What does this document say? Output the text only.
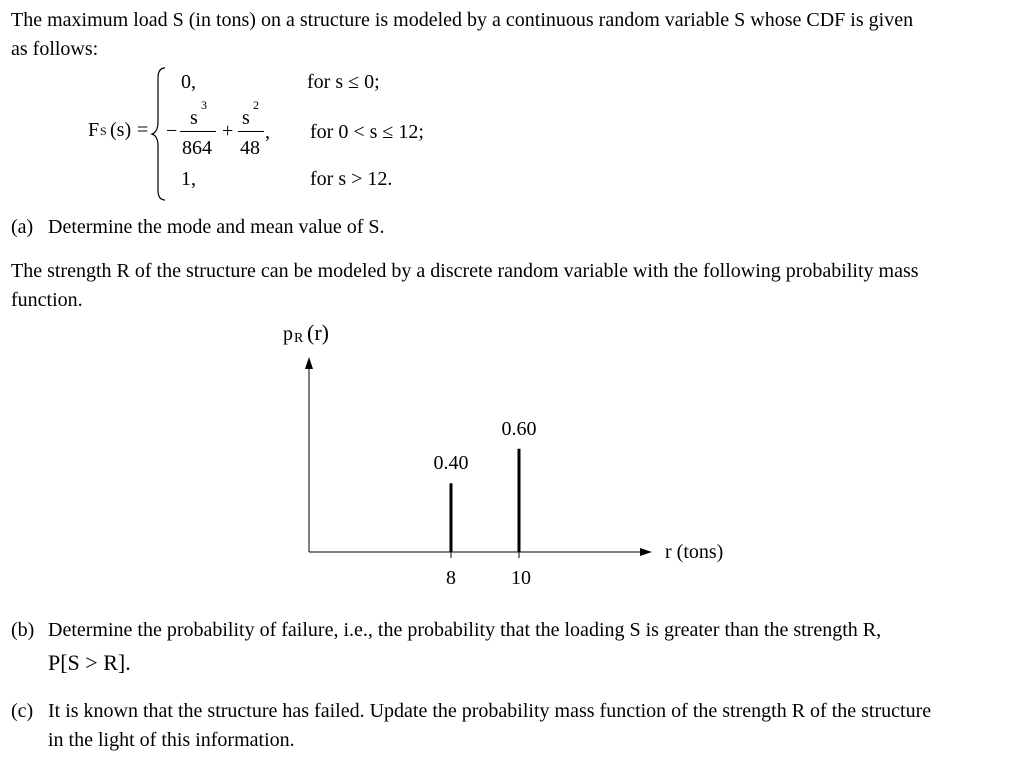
The maximum load S (in tons) on a structure is modeled by a continuous random variable S whose CDF is given
as follows:
F S (s) =
0,	for s ≤ 0;
−
s
3
864
+
s
2
48
, for 0 < s ≤ 12;
1,	for s > 12.
(a) Determine the mode and mean value of S.
The strength R of the structure can be modeled by a discrete random variable with the following probability mass
function.
p R (r)
r (tons)
0.40
8
0.60
10
(b) Determine the probability of failure, i.e., the probability that the loading S is greater than the strength R,
P[S > R].
(c) It is known that the structure has failed. Update the probability mass function of the strength R of the structure
in the light of this information.
